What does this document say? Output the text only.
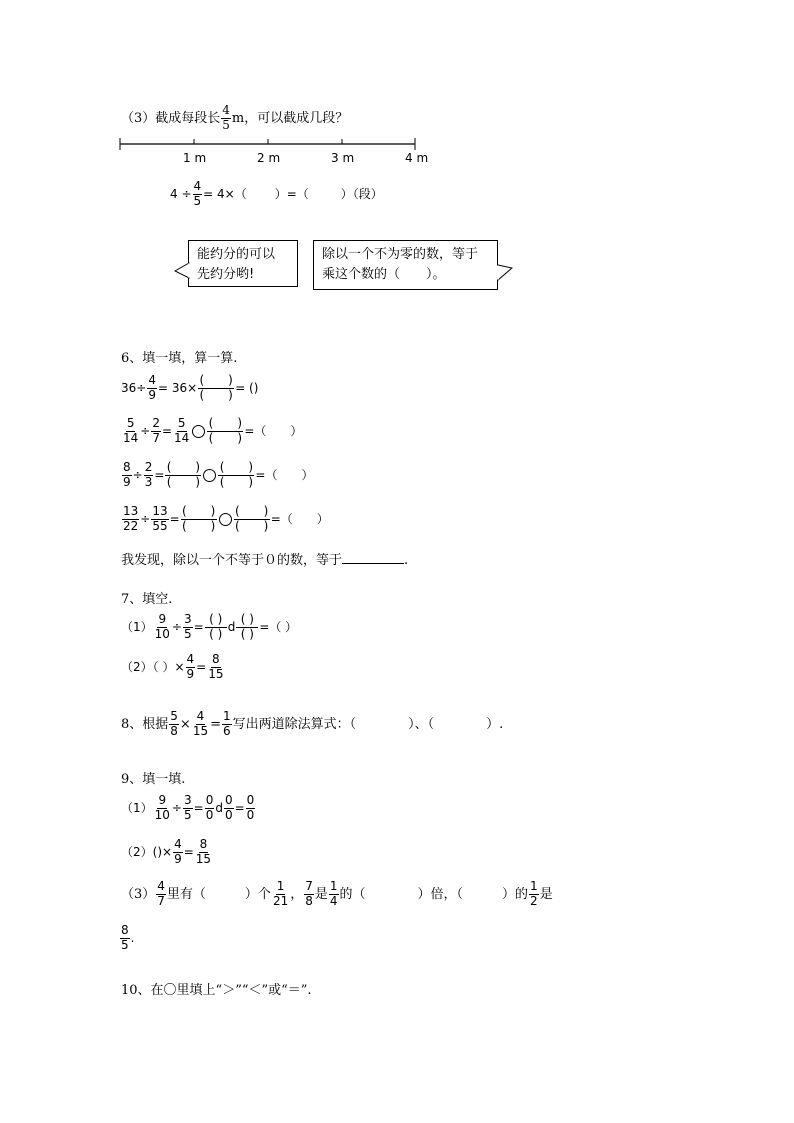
（3）截成每段长 $\frac{4}{5}$ m，可以截成几段？
1 m	2 m	3 m	4 m
$4 \div \frac{4}{5} = 4\times$（ ）=（	）（段）
能约分的可以
先约分哟!
除以一个不为零的数，等于
乘这个数的（　　）。
6、填一填，算一算.
$36\div \frac{4}{9} = 36\times$
(　　)
(　　) = ()
$\frac{5}{14} \div \frac{2}{7} = \frac{5}{14}$ (　　)
(　　) =（　　）
$\frac{8}{9} \div \frac{2}{3}$ =
(　　)
(　　)
(　　)
(　　) =（　　）
$\frac{13}{22} \div \frac{13}{55}$ =
(　　)
(　　)
(　　)
(　　) =（　　）
我发现，除以一个不等于０的数，等于	.
7、填空.
$(1) \frac{9}{10} \div \frac{3}{5}$ =
( )
( ) d
( )
( ) =（ ）
（2）（ ）× $\frac{4}{9} = \frac{8}{15}$
8、根据 $\frac{5}{8} \times \frac{4}{15} = \frac{1}{6}$ 写出两道除法算式：（　　　　）、（　　　　）.
9、填一填.
$(1) \frac{9}{10} \div \frac{3}{5} = \frac{0}{0}$ d $\frac{0}{0} = \frac{0}{0}$
$(2)()\times \frac{4}{9} = \frac{8}{15}$
$(3) \frac{4}{7}$ 里有（　　　）个 $\frac{1}{21}$ ， $\frac{7}{8}$ 是 $\frac{1}{4}$ 的（　　　　）倍，（　　　）的 $\frac{1}{2}$ 是
$\frac{8}{5}$ .
10、在〇里填上“＞”“＜”或“＝”.
